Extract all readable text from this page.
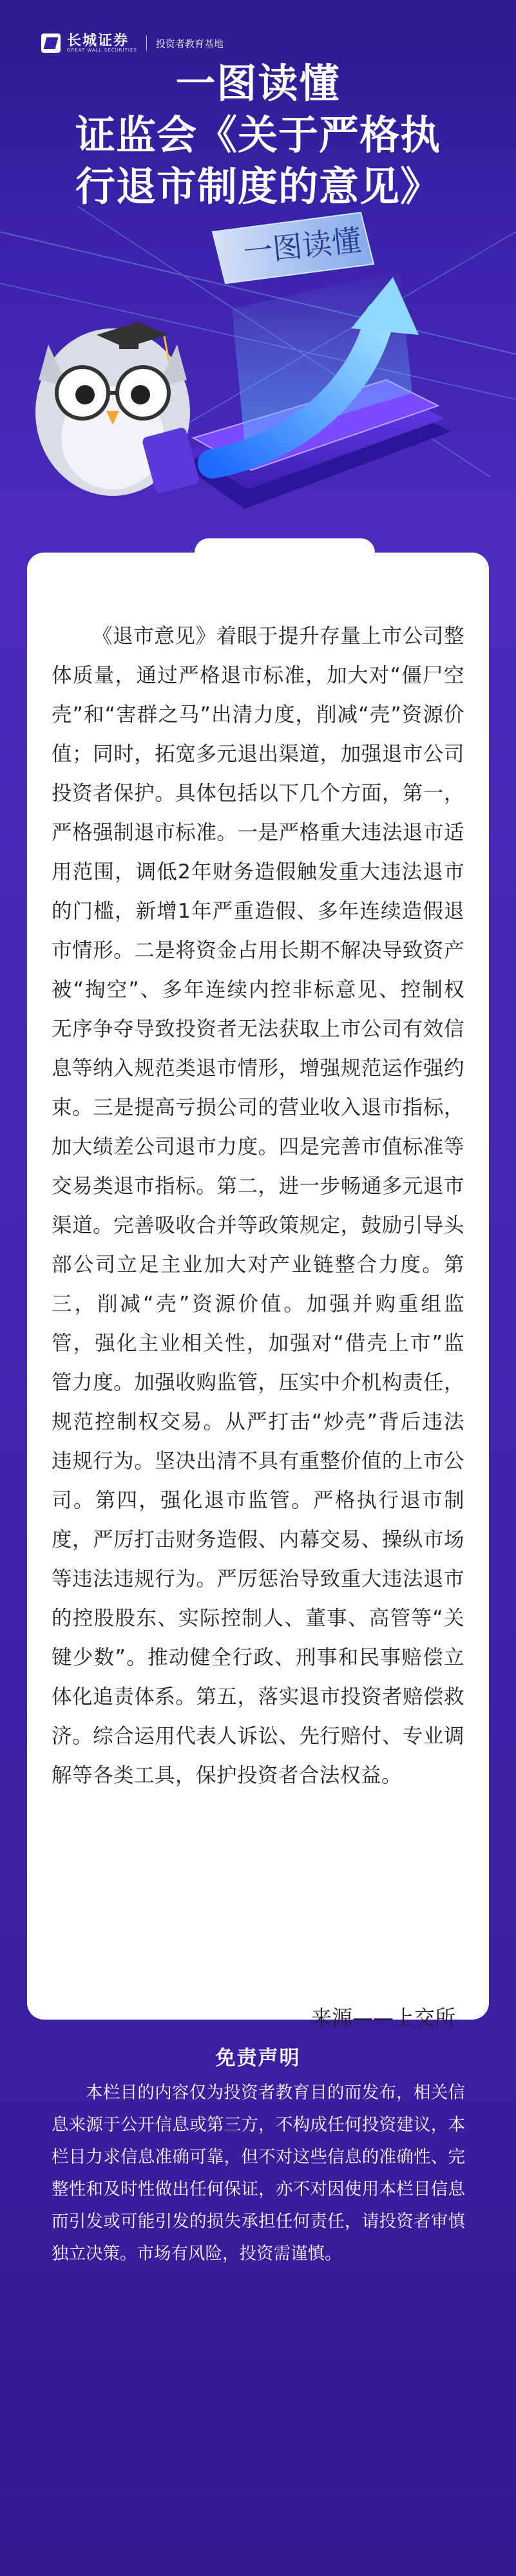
长城证券
GREAT WALL SECURITIES
投资者教育基地
一图读懂
证监会《关于严格执
行退市制度的意见》
一图读懂
《退市意见》着眼于提升存量上市公司整体质量，通过严格退市标准，加大对“僵尸空壳”和“害群之马”出清力度，削减“壳”资源价值；同时，拓宽多元退出渠道，加强退市公司投资者保护。具体包括以下几个方面，第一，严格强制退市标准。一是严格重大违法退市适用范围，调低2年财务造假触发重大违法退市的门槛，新增1年严重造假、多年连续造假退市情形。二是将资金占用长期不解决导致资产被“掏空”、多年连续内控非标意见、控制权无序争夺导致投资者无法获取上市公司有效信息等纳入规范类退市情形，增强规范运作强约束。三是提高亏损公司的营业收入退市指标，加大绩差公司退市力度。四是完善市值标准等交易类退市指标。第二，进一步畅通多元退市渠道。完善吸收合并等政策规定，鼓励引导头部公司立足主业加大对产业链整合力度。第三，削减“壳”资源价值。加强并购重组监管，强化主业相关性，加强对“借壳上市”监管力度。加强收购监管，压实中介机构责任，规范控制权交易。从严打击“炒壳”背后违法违规行为。坚决出清不具有重整价值的上市公司。第四，强化退市监管。严格执行退市制度，严厉打击财务造假、内幕交易、操纵市场等违法违规行为。严厉惩治导致重大违法退市的控股股东、实际控制人、董事、高管等“关键少数”。推动健全行政、刑事和民事赔偿立体化追责体系。第五，落实退市投资者赔偿救济。综合运用代表人诉讼、先行赔付、专业调解等各类工具，保护投资者合法权益。
来源——上交所
免责声明
本栏目的内容仅为投资者教育目的而发布，相关信息来源于公开信息或第三方，不构成任何投资建议，本栏目力求信息准确可靠，但不对这些信息的准确性、完整性和及时性做出任何保证，亦不对因使用本栏目信息而引发或可能引发的损失承担任何责任，请投资者审慎独立决策。市场有风险，投资需谨慎。
